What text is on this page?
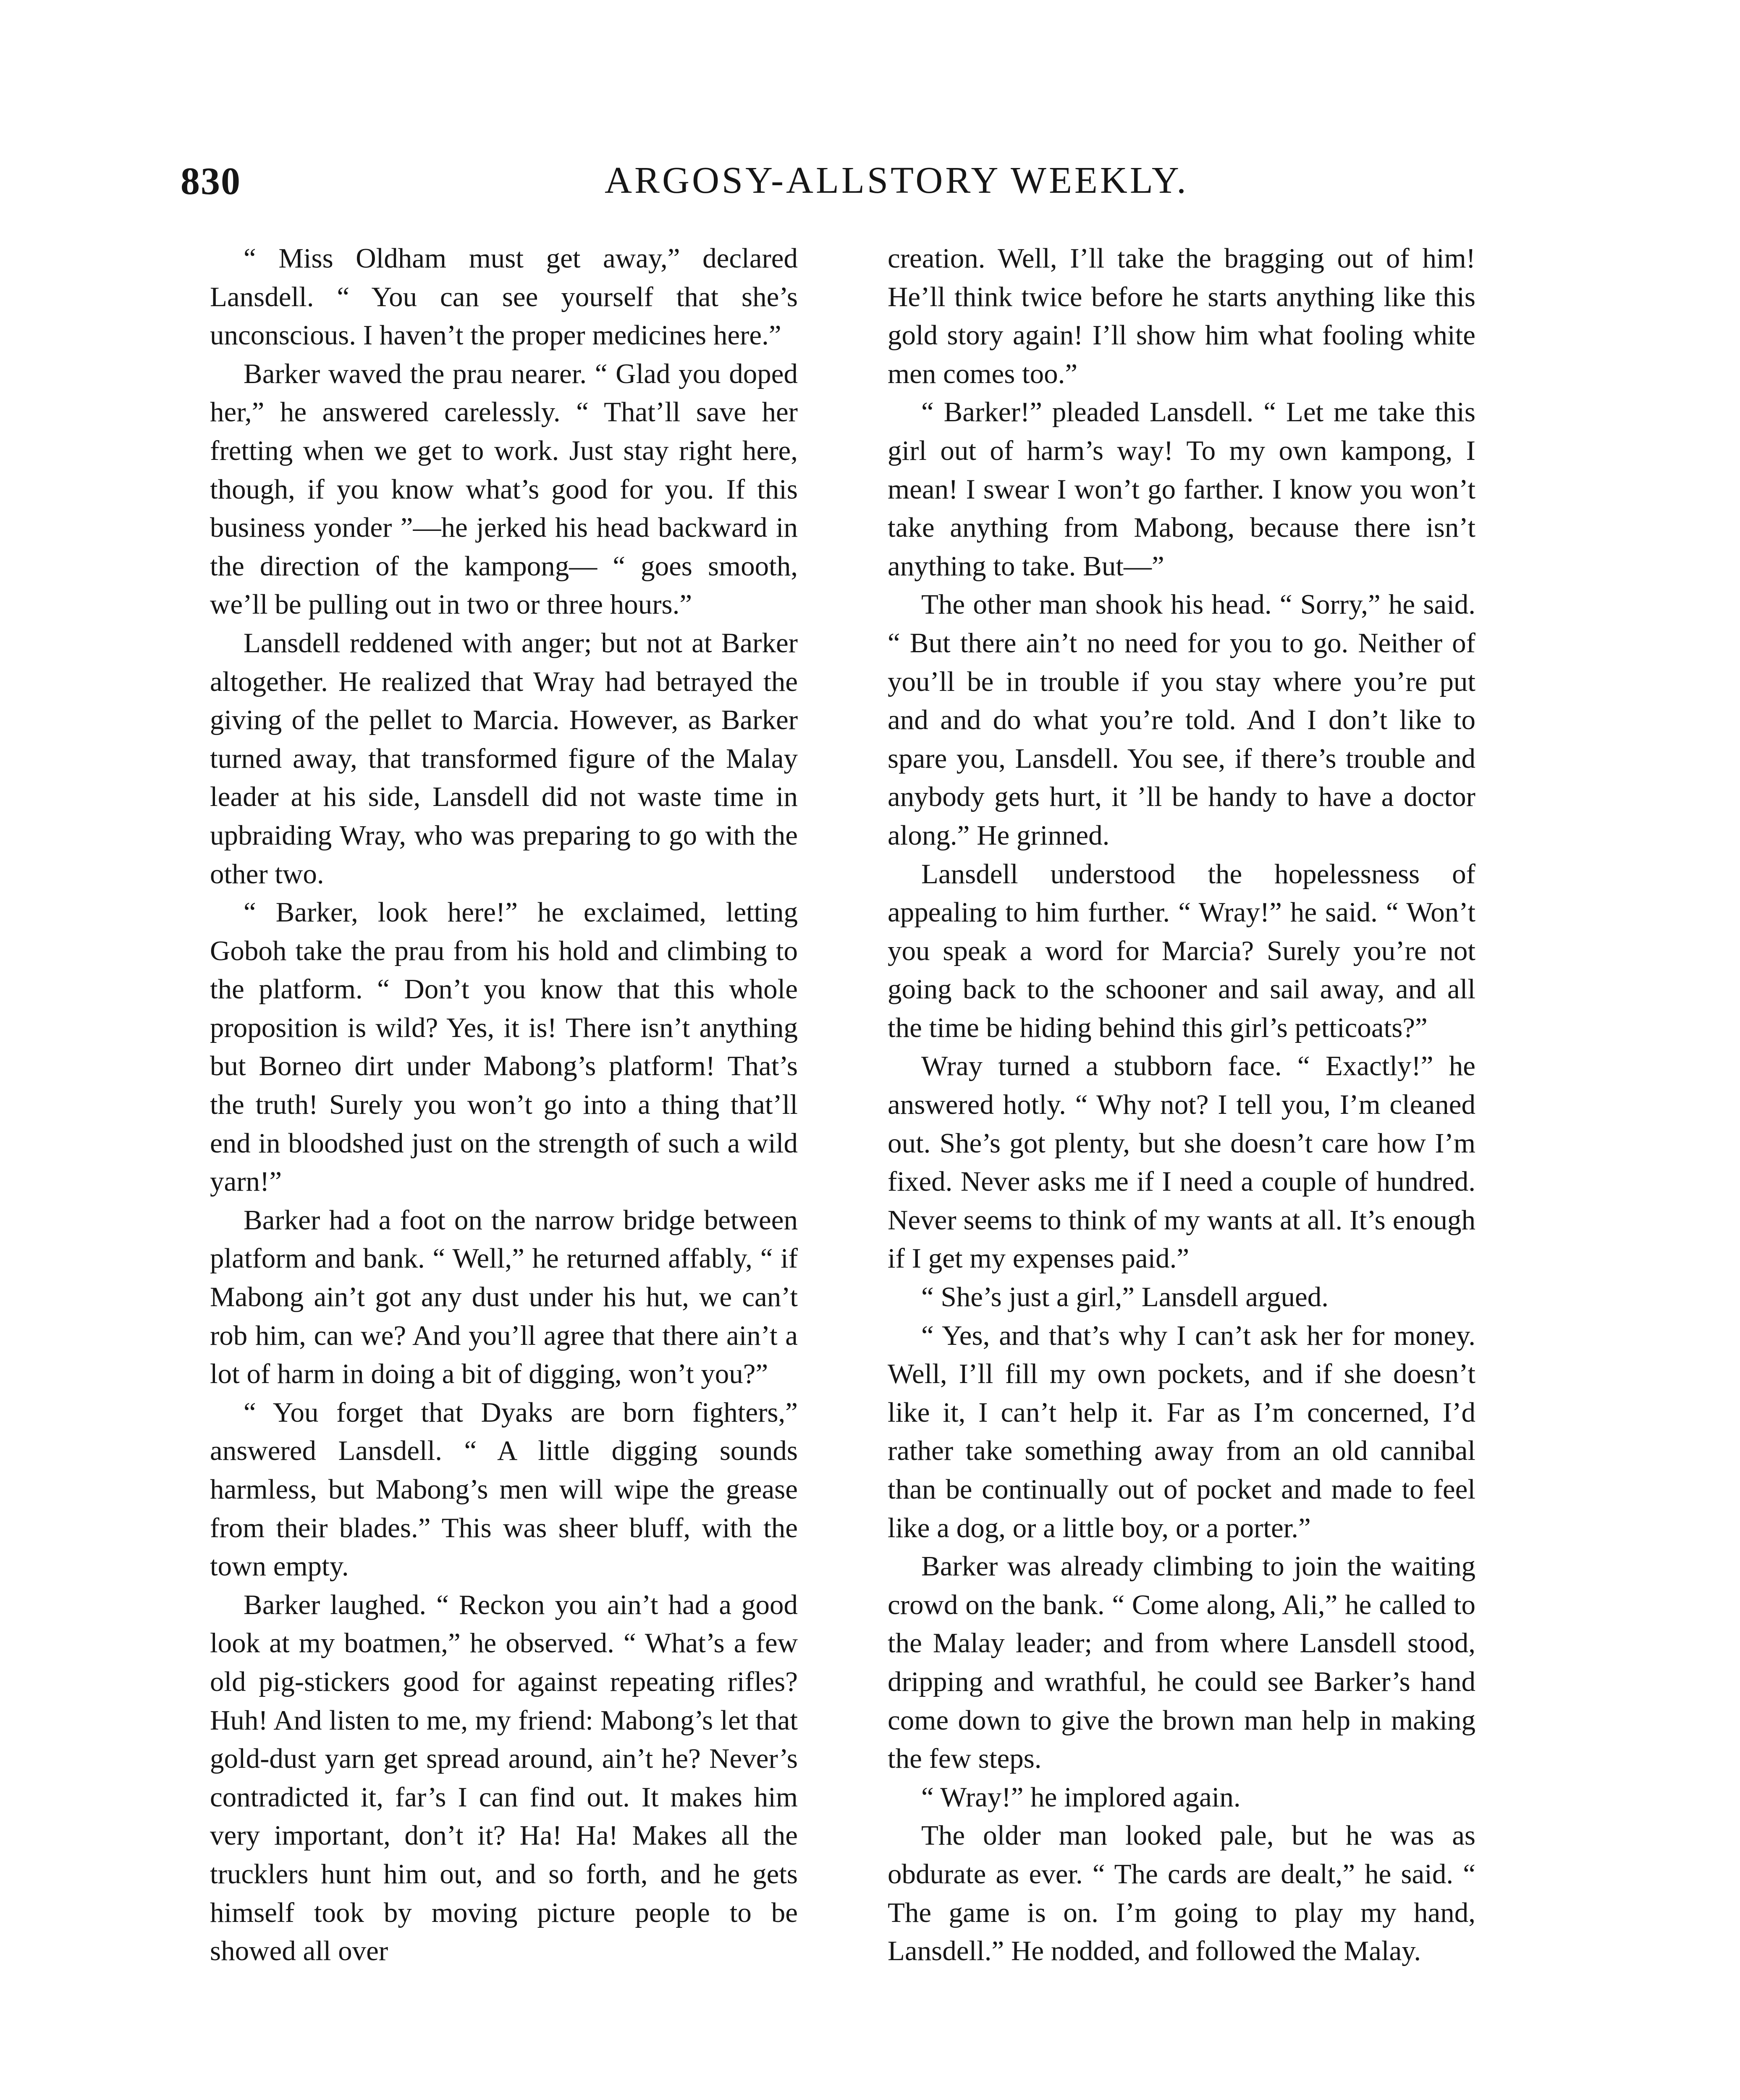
830	ARGOSY-ALLSTORY WEEKLY.

“ Miss Oldham must get away,” declared Lansdell. “ You can see yourself that she’s unconscious. I haven’t the proper medicines here.”

Barker waved the prau nearer. “ Glad you doped her,” he answered carelessly. “ That’ll save her fretting when we get to work. Just stay right here, though, if you know what’s good for you. If this business yonder ”—he jerked his head backward in the direction of the kampong— “ goes smooth, we’ll be pulling out in two or three hours.”

Lansdell reddened with anger; but not at Barker altogether. He realized that Wray had betrayed the giving of the pellet to Marcia. However, as Barker turned away, that transformed figure of the Malay leader at his side, Lansdell did not waste time in upbraiding Wray, who was preparing to go with the other two.

“ Barker, look here!” he exclaimed, letting Goboh take the prau from his hold and climbing to the platform. “ Don’t you know that this whole proposition is wild? Yes, it is! There isn’t anything but Borneo dirt under Mabong’s platform! That’s the truth! Surely you won’t go into a thing that’ll end in bloodshed just on the strength of such a wild yarn!”

Barker had a foot on the narrow bridge between platform and bank. “ Well,” he returned affably, “ if Mabong ain’t got any dust under his hut, we can’t rob him, can we? And you’ll agree that there ain’t a lot of harm in doing a bit of digging, won’t you?”

“ You forget that Dyaks are born fighters,” answered Lansdell. “ A little digging sounds harmless, but Mabong’s men will wipe the grease from their blades.” This was sheer bluff, with the town empty.

Barker laughed. “ Reckon you ain’t had a good look at my boatmen,” he observed. “ What’s a few old pig-stickers good for against repeating rifles? Huh! And listen to me, my friend: Mabong’s let that gold-dust yarn get spread around, ain’t he? Never’s contradicted it, far’s I can find out. It makes him very important, don’t it? Ha! Ha! Makes all the trucklers hunt him out, and so forth, and he gets himself took by moving picture people to be showed all over

creation. Well, I’ll take the bragging out of him! He’ll think twice before he starts anything like this gold story again! I’ll show him what fooling white men comes too.”

“ Barker!” pleaded Lansdell. “ Let me take this girl out of harm’s way! To my own kampong, I mean! I swear I won’t go farther. I know you won’t take anything from Mabong, because there isn’t anything to take. But—”

The other man shook his head. “ Sorry,” he said. “ But there ain’t no need for you to go. Neither of you’ll be in trouble if you stay where you’re put and and do what you’re told. And I don’t like to spare you, Lansdell. You see, if there’s trouble and anybody gets hurt, it ’ll be handy to have a doctor along.” He grinned.

Lansdell understood the hopelessness of appealing to him further. “ Wray!” he said. “ Won’t you speak a word for Marcia? Surely you’re not going back to the schooner and sail away, and all the time be hiding behind this girl’s petticoats?”

Wray turned a stubborn face. “ Exactly!” he answered hotly. “ Why not? I tell you, I’m cleaned out. She’s got plenty, but she doesn’t care how I’m fixed. Never asks me if I need a couple of hundred. Never seems to think of my wants at all. It’s enough if I get my expenses paid.”

“ She’s just a girl,” Lansdell argued.

“ Yes, and that’s why I can’t ask her for money. Well, I’ll fill my own pockets, and if she doesn’t like it, I can’t help it. Far as I’m concerned, I’d rather take something away from an old cannibal than be continually out of pocket and made to feel like a dog, or a little boy, or a porter.”

Barker was already climbing to join the waiting crowd on the bank. “ Come along, Ali,” he called to the Malay leader; and from where Lansdell stood, dripping and wrathful, he could see Barker’s hand come down to give the brown man help in making the few steps.

“ Wray!” he implored again.

The older man looked pale, but he was as obdurate as ever. “ The cards are dealt,” he said. “ The game is on. I’m going to play my hand, Lansdell.” He nodded, and followed the Malay.
